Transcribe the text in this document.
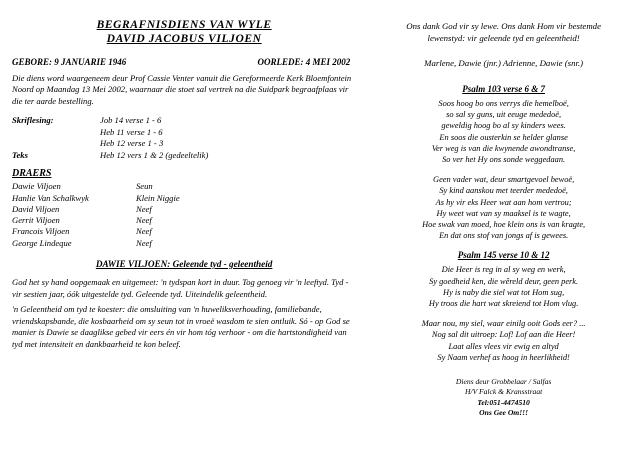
BEGRAFNISDIENS VAN WYLE
DAVID JACOBUS VILJOEN
GEBORE: 9 JANUARIE 1946	OORLEDE: 4 MEI 2002
Die diens word waargeneem deur Prof Cassie Venter vanuit die Gereformeerde Kerk Bloemfontein Noord op Maandag 13 Mei 2002, waarnaar die stoet sal vertrek na die Suidpark begraafplaas vir die ter aarde bestelling.
Skriflesing:	Job 14 verse 1 - 6
Heb 11 verse 1 - 6
Heb 12 verse 1 - 3
Teks	Heb 12 vers 1 & 2 (gedeeltelik)
DRAERS
Dawie Viljoen	Seun
Hanlie Van Schalkwyk	Klein Niggie
David Viljoen	Neef
Gerrit Viljoen	Neef
Francois Viljoen	Neef
George Lindeque	Neef
DAWIE VILJOEN: Geleende tyd - geleentheid
God het sy hand oopgemaak en uitgemeet: 'n tydspan kort in duur. Tog genoeg vir 'n leeftyd. Tyd - vir sestien jaar, óók uitgestelde tyd. Geleende tyd. Uiteindelik geleentheid.
'n Geleentheid om tyd te koester: die omsluiting van 'n huweliksverhouding, familiebande, vriendskapsbande, die kosbaarheid om sy seun tot in vroeë wasdom te sien ontluik. Só - op God se manier is Dawie se daaglikse gebed vir eers én vir hom tóg verhoor - om die hartstondigheid van tyd met intensiteit en dankbaarheid te kon beleef.
Ons dank God vir sy lewe. Ons dank Hom vir bestemde
lewenstyd: vir geleende tyd en geleentheid!
Marlene, Dawie (jnr.) Adrienne, Dawie (snr.)
Psalm 103 verse 6 & 7
Soos hoog bo ons verrys die hemelboë,
so sal sy guns, uit eeuge mededoë,
geweldig hoog bo al sy kinders wees.
En soos die ousterkin se helder glanse
Ver weg is van die kwynende awondtranse,
So ver het Hy ons sonde weggedaan.
Geen vader wat, deur smartgevoel bewoë,
Sy kind aanskou met teerder mededoë,
As hy vir eks Heer wat aan hom vertrou;
Hy weet wat van sy maaksel is te wagte,
Hoe swak van moed, hoe klein ons is van kragte,
En dat ons stof van jongs af is gewees.
Psalm 145 verse 10 & 12
Die Heer is reg in al sy weg en werk,
Sy goedheid ken, die wêreld deur, geen perk.
Hy is naby die siel wat tot Hom sug,
Hy troos die hart wat skreiend tot Hom vlug.
Maar nou, my siel, waar einilg ooit Gods eer? ...
Nog sal dit uitroep: Lof! Lof aan die Heer!
Laat alles vlees vir ewig en altyd
Sy Naam verhef as hoog in heerlikheid!
Diens deur Grobbelaar / Salfas
H/V Falck & Kransstraat
Tel:051-4474510
Ons Gee Om!!!
